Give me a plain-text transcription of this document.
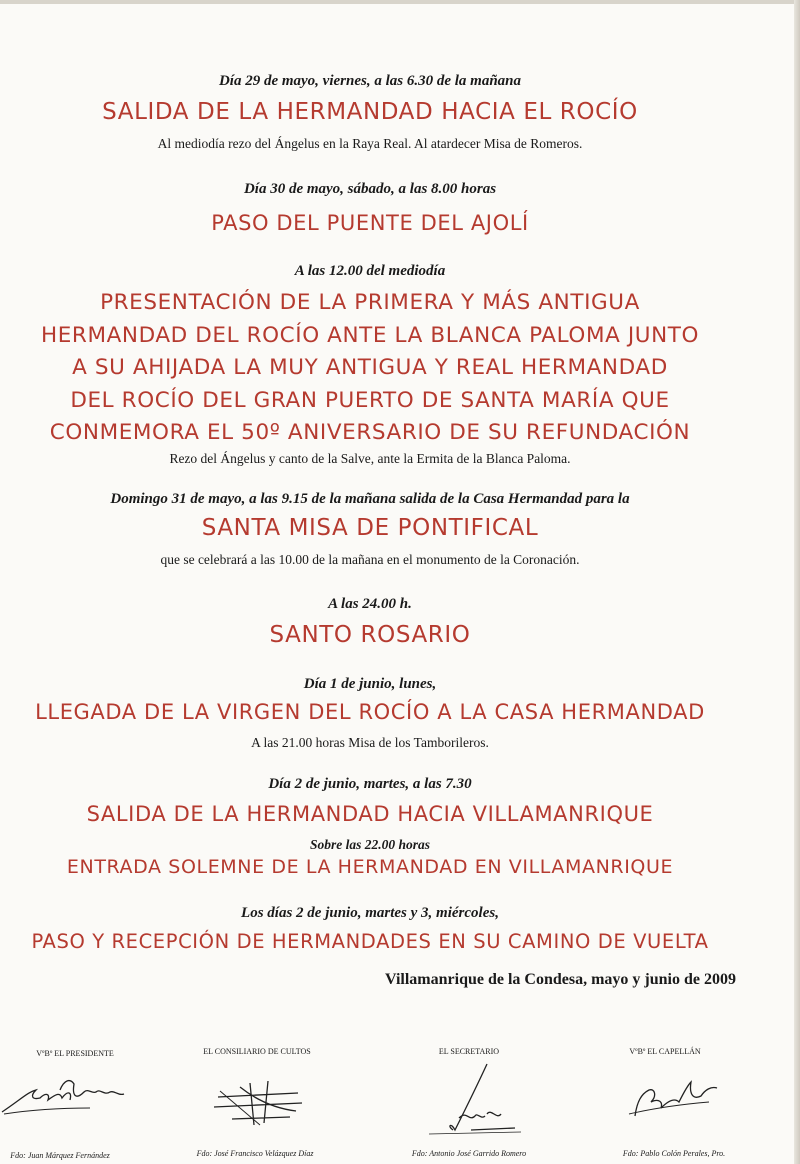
Día 29 de mayo, viernes, a las 6.30 de la mañana
SALIDA DE LA HERMANDAD HACIA EL ROCÍO
Al mediodía rezo del Ángelus en la Raya Real. Al atardecer Misa de Romeros.
Día 30 de mayo, sábado, a las 8.00 horas
PASO DEL PUENTE DEL AJOLÍ
A las 12.00 del mediodía
PRESENTACIÓN DE LA PRIMERA Y MÁS ANTIGUA
HERMANDAD DEL ROCÍO ANTE LA BLANCA PALOMA JUNTO
A SU AHIJADA LA MUY ANTIGUA Y REAL HERMANDAD
DEL ROCÍO DEL GRAN PUERTO DE SANTA MARÍA QUE
CONMEMORA EL 50º ANIVERSARIO DE SU REFUNDACIÓN
Rezo del Ángelus y canto de la Salve, ante la Ermita de la Blanca Paloma.
Domingo 31 de mayo, a las 9.15 de la mañana salida de la Casa Hermandad para la
SANTA MISA DE PONTIFICAL
que se celebrará a las 10.00 de la mañana en el monumento de la Coronación.
A las 24.00 h.
SANTO ROSARIO
Día 1 de junio, lunes,
LLEGADA DE LA VIRGEN DEL ROCÍO A LA CASA HERMANDAD
A las 21.00 horas Misa de los Tamborileros.
Día 2 de junio, martes, a las 7.30
SALIDA DE LA HERMANDAD HACIA VILLAMANRIQUE
Sobre las 22.00 horas
ENTRADA SOLEMNE DE LA HERMANDAD EN VILLAMANRIQUE
Los días 2 de junio, martes y 3, miércoles,
PASO Y RECEPCIÓN DE HERMANDADES EN SU CAMINO DE VUELTA
Villamanrique de la Condesa, mayo y junio de 2009
VºBº EL PRESIDENTE	EL CONSILIARIO DE CULTOS	EL SECRETARIO	VºBº EL CAPELLÁN
Fdo: Juan Márquez Fernández	Fdo: José Francisco Velázquez Díaz	Fdo: Antonio José Garrido Romero	Fdo: Pablo Colón Perales, Pro.
